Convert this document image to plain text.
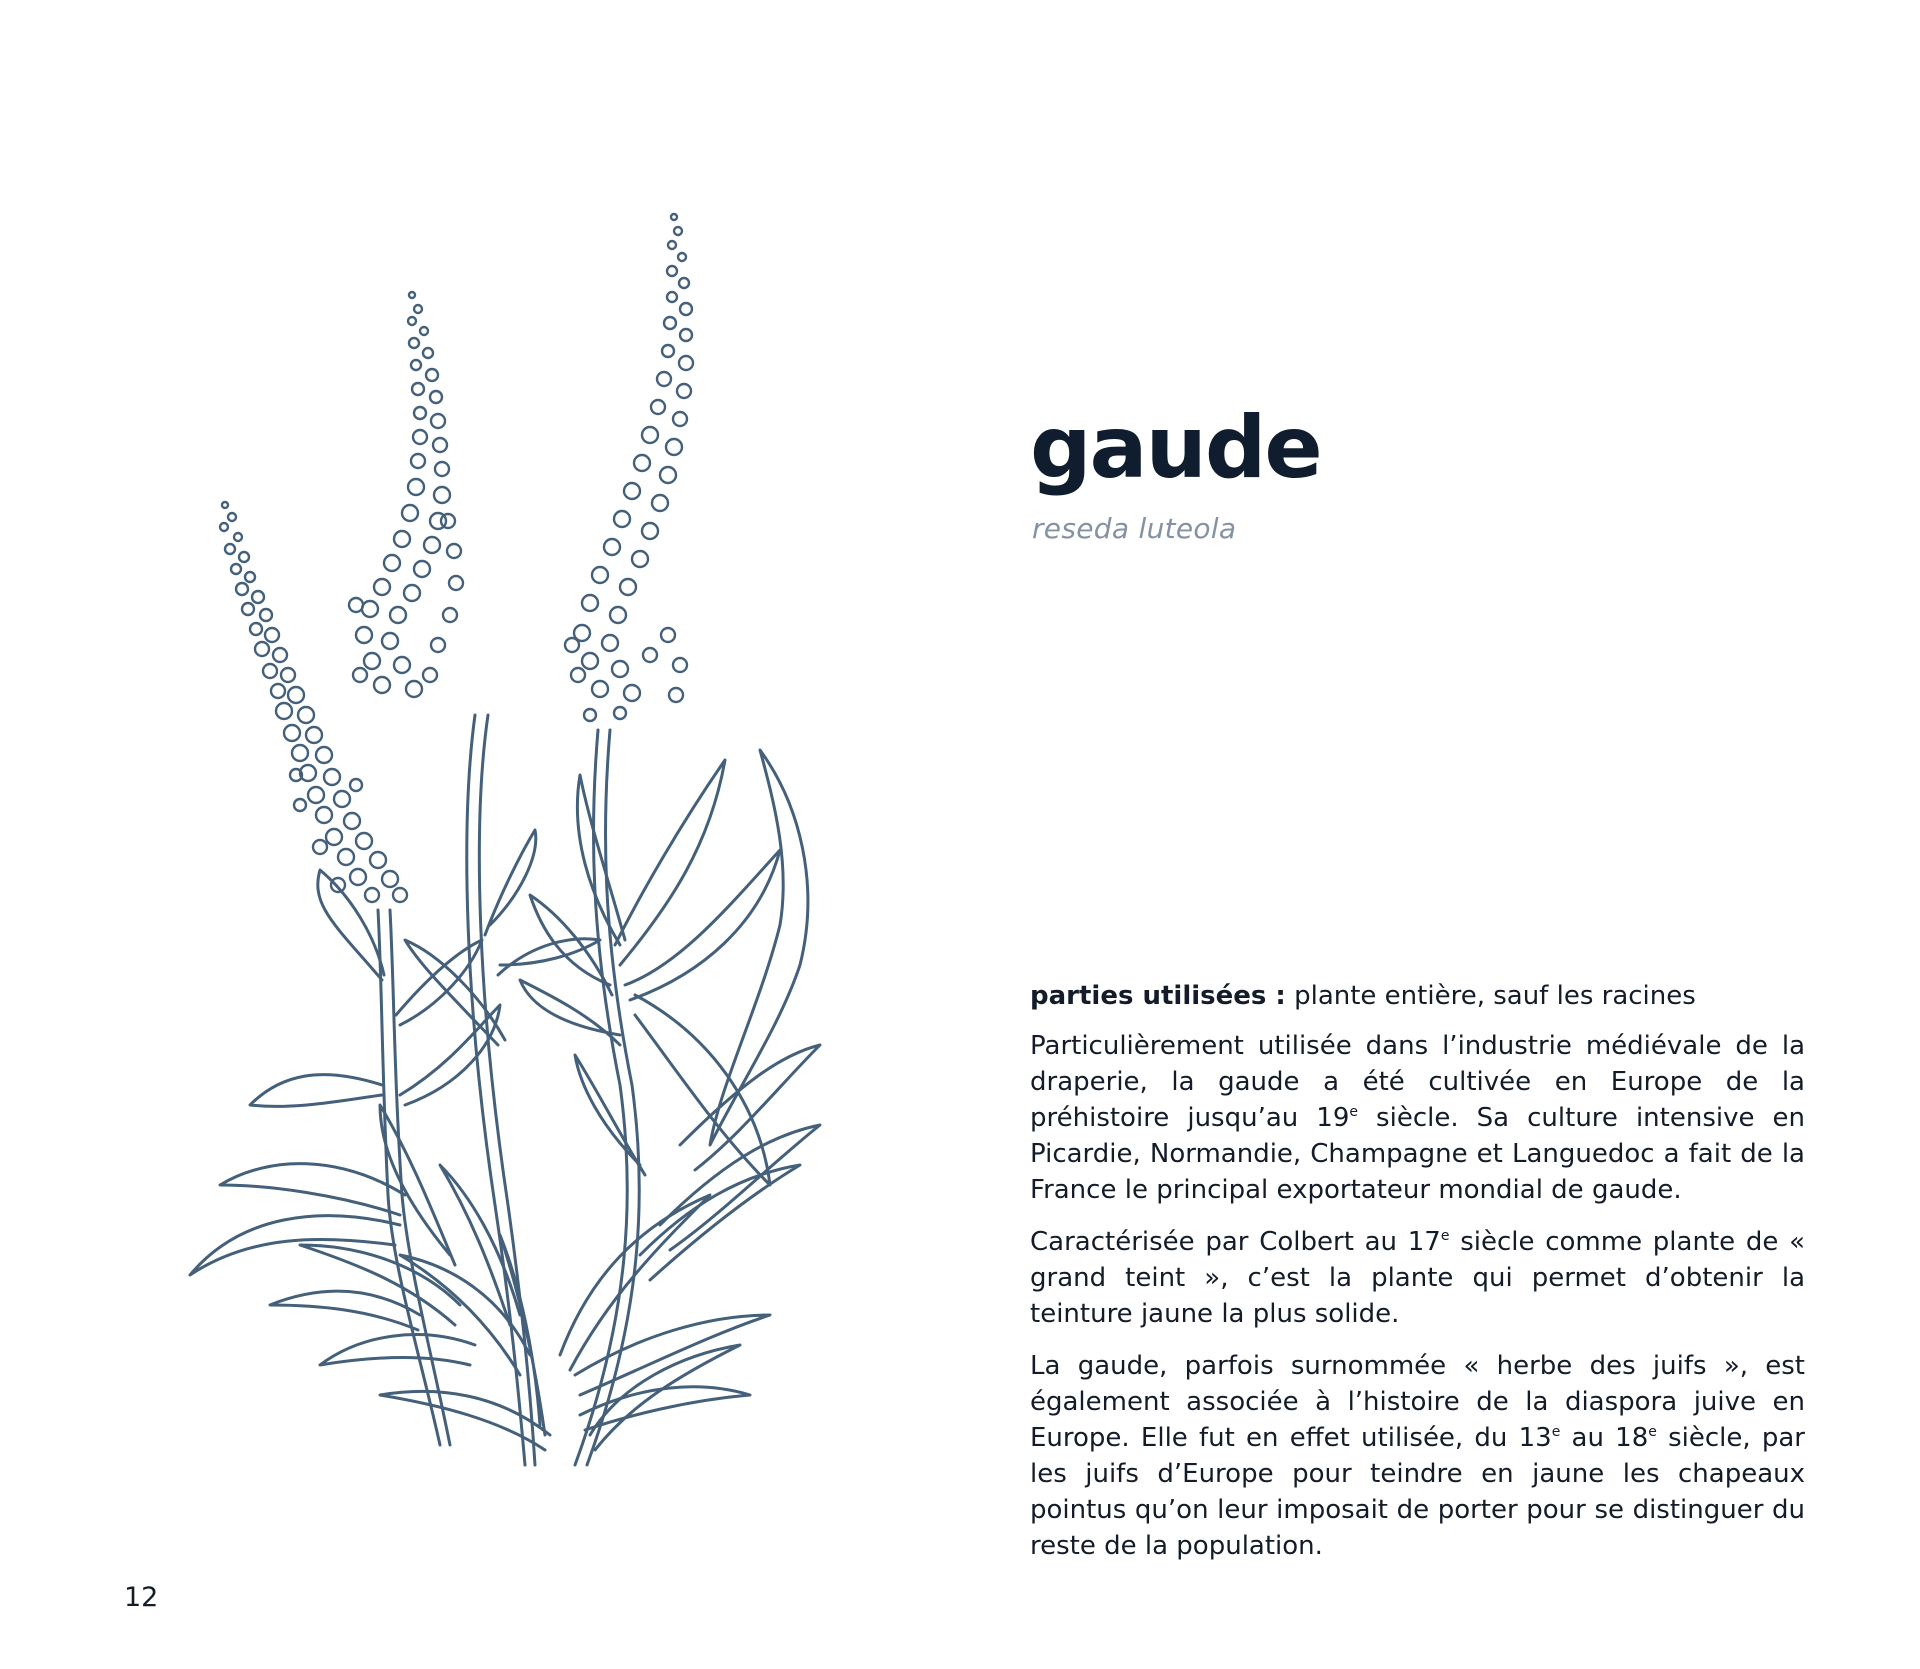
gaude
reseda luteola

parties utilisées : plante entière, sauf les racines

Particulièrement utilisée dans l’industrie médiévale de la draperie, la gaude a été cultivée en Europe de la préhistoire jusqu’au 19e siècle. Sa culture intensive en Picardie, Normandie, Champagne et Languedoc a fait de la France le principal exportateur mondial de gaude.

Caractérisée par Colbert au 17e siècle comme plante de « grand teint », c’est la plante qui permet d’obtenir la teinture jaune la plus solide.

La gaude, parfois surnommée « herbe des juifs », est également associée à l’histoire de la diaspora juive en Europe. Elle fut en effet utilisée, du 13e au 18e siècle, par les juifs d’Europe pour teindre en jaune les chapeaux pointus qu’on leur imposait de porter pour se distinguer du reste de la population.

12
